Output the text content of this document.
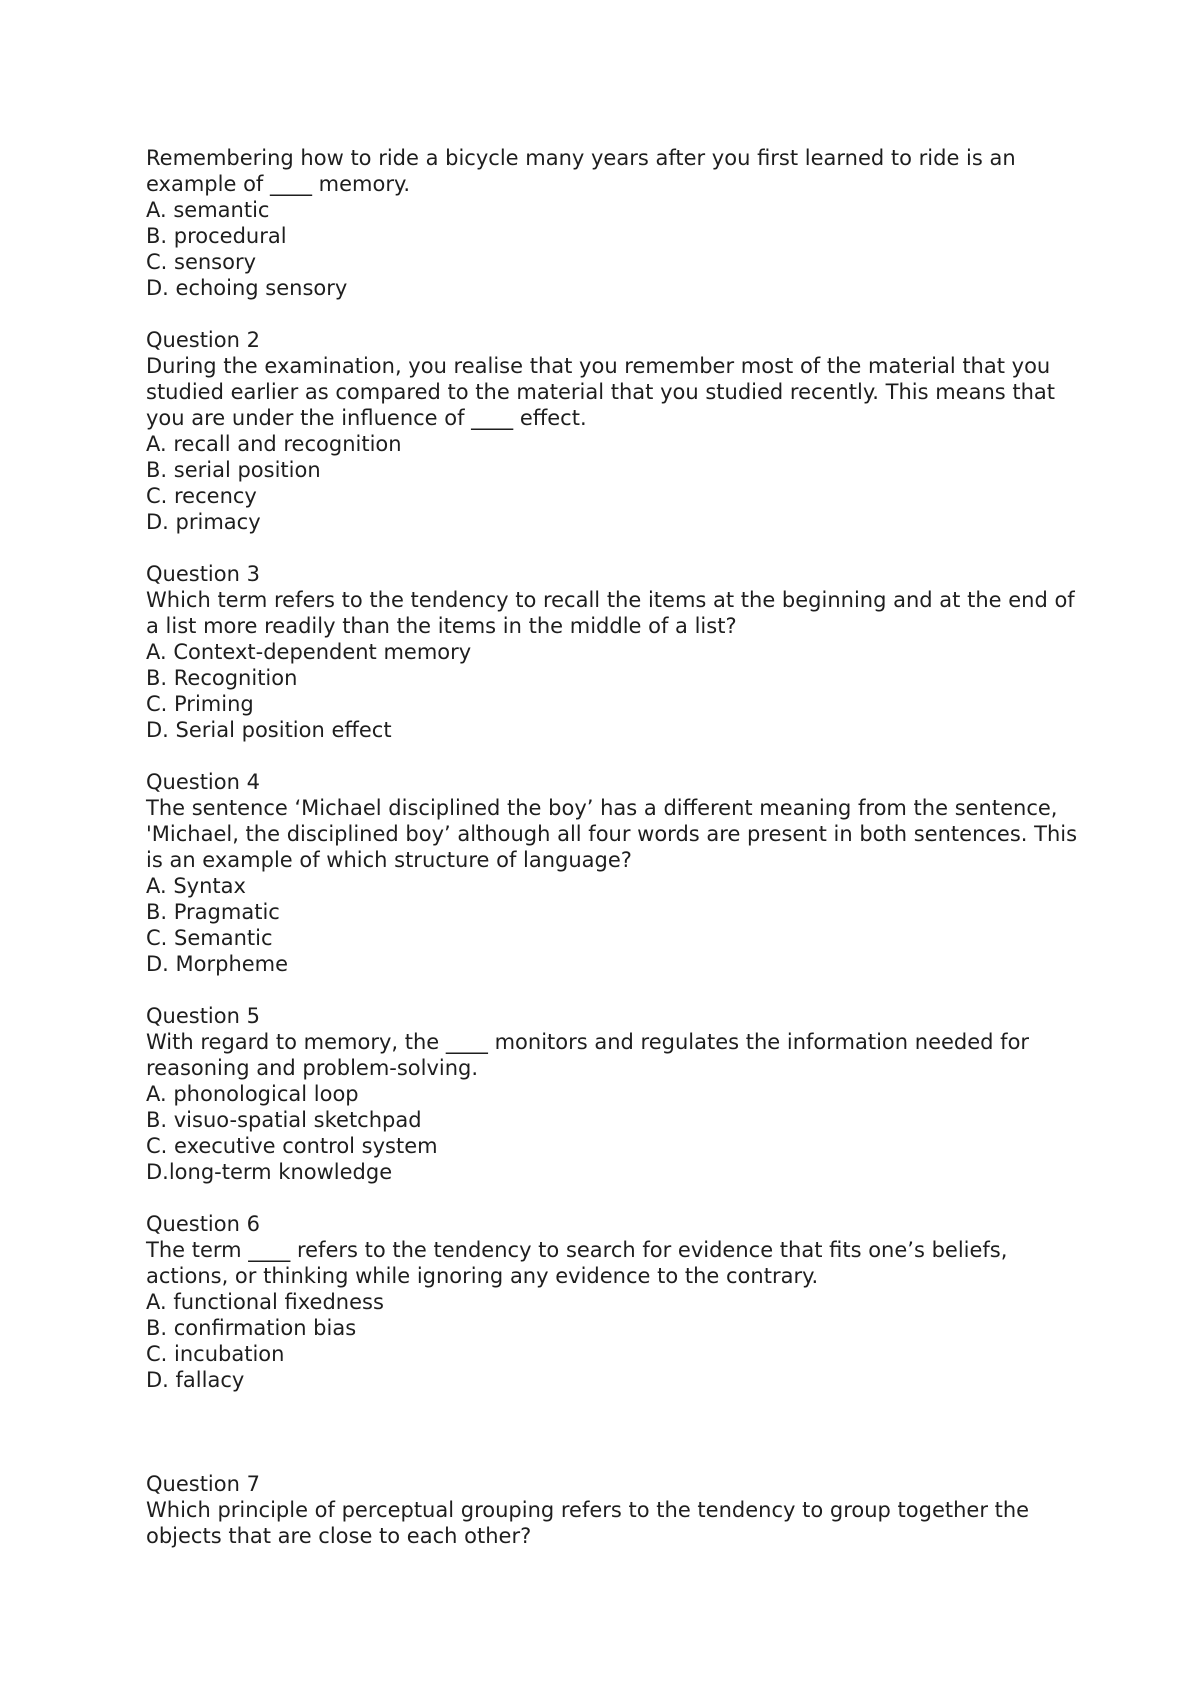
Remembering how to ride a bicycle many years after you first learned to ride is an example of ____ memory.
A. semantic
B. procedural
C. sensory
D. echoing sensory
Question 2
During the examination, you realise that you remember most of the material that you studied earlier as compared to the material that you studied recently. This means that you are under the influence of ____ effect.
A. recall and recognition
B. serial position
C. recency
D. primacy
Question 3
Which term refers to the tendency to recall the items at the beginning and at the end of a list more readily than the items in the middle of a list?
A. Context-dependent memory
B. Recognition
C. Priming
D. Serial position effect
Question 4
The sentence ‘Michael disciplined the boy’ has a different meaning from the sentence, 'Michael, the disciplined boy’ although all four words are present in both sentences. This is an example of which structure of language?
A. Syntax
B. Pragmatic
C. Semantic
D. Morpheme
Question 5
With regard to memory, the ____ monitors and regulates the information needed for reasoning and problem-solving.
A. phonological loop
B. visuo-spatial sketchpad
C. executive control system
D.long-term knowledge
Question 6
The term ____ refers to the tendency to search for evidence that fits one’s beliefs, actions, or thinking while ignoring any evidence to the contrary.
A. functional fixedness
B. confirmation bias
C. incubation
D. fallacy
Question 7
Which principle of perceptual grouping refers to the tendency to group together the objects that are close to each other?
